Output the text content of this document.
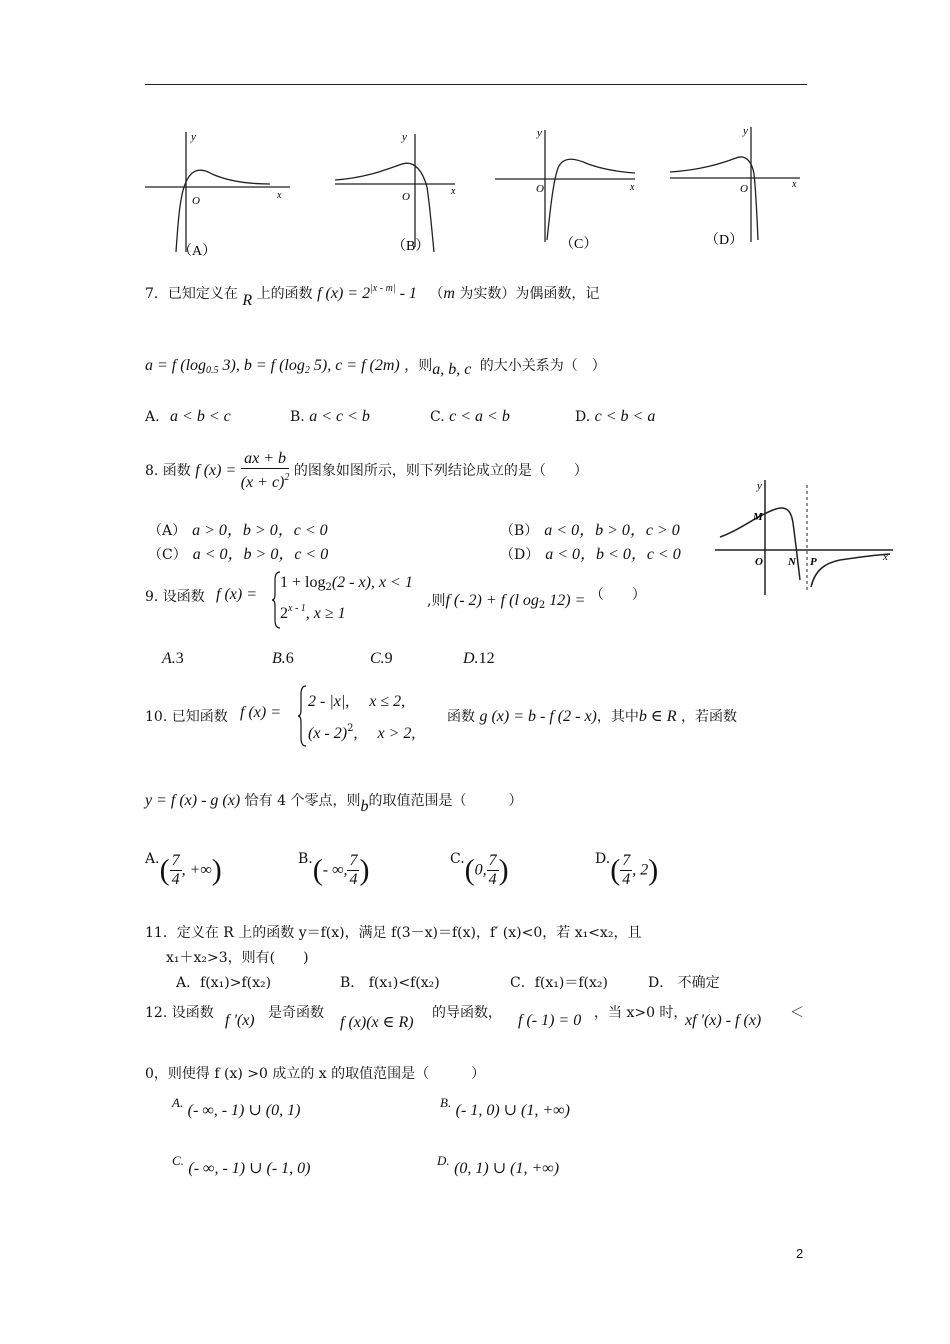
y
O	x
（A）
y
O	x
（B）
y
O	x
（C）
y
O	x
（D）
7．已知定义在 R 上的函数 f $(x) = 2^{|x - m|} - 1$ （m 为实数）为偶函数，记
a = f ($\log_{0.5}$ 3), b = f ($\log_2$ 5), c = f (2m) ，则a, b, c 的大小关系为（　）
A. a < b < c	B. a < c < b	C. c < a < b	D. c < b < a
8. 函数 f $(x) = \frac{ax + b}{(x + c)^2}$ 的图象如图所示，则下列结论成立的是（　　）
（A） a > 0，b > 0，c < 0	（B） a < 0，b > 0，c > 0
（C） a < 0，b > 0，c < 0	（D） a < 0，b < 0，c < 0
y
M
O N P	x
9. 设函数 f (x) =
$1 + \log_2(2 - x)$, x < 1
2$^{x - 1}$, x ≥ 1
,则f (- 2) + f (l $og_2$ 12) = （　　）
A.3	B.6	C.9	D.12
10. 已知函数 f (x) =
2 - |x|,　 x ≤ 2,
(x - 2)$^2$,　 x > 2,
函数 g (x) = b - f (2 - x)，其中b ∈ R ，若函数
y = f (x) - g (x) 恰有 4 个零点，则b的取值范围是（　　　）
$A.( \frac{7}{4}$ , +∞)	B.(- ∞, $\frac{7}{4}$ )	C.(0, $\frac{7}{4}$ )	$D.( \frac{7}{4}$ , 2)
11．定义在 R 上的函数 y＝f(x)，满足 f(3－x)＝f(x)，f′ (x)<0，若 x₁<x₂，且
x₁＋x₂>3，则有(　　)
A．f(x₁)>f(x₂)	B． f(x₁)<f(x₂)	C．f(x₁)＝f(x₂)	D． 不确定
12. 设函数 f '(x) 是奇函数
f (x)(x ∈ R)
的导函数， f (- 1) = 0 ，当 x>0 时，
xf '(x) - f (x) ＜
0，则使得 f (x) >0 成立的 x 的取值范围是（　　　）
A. (- ∞, - 1) ∪ (0, 1)	B. (- 1, 0) ∪ (1, +∞)
C. (- ∞, - 1) ∪ (- 1, 0)	D. (0, 1) ∪ (1, +∞)
2
